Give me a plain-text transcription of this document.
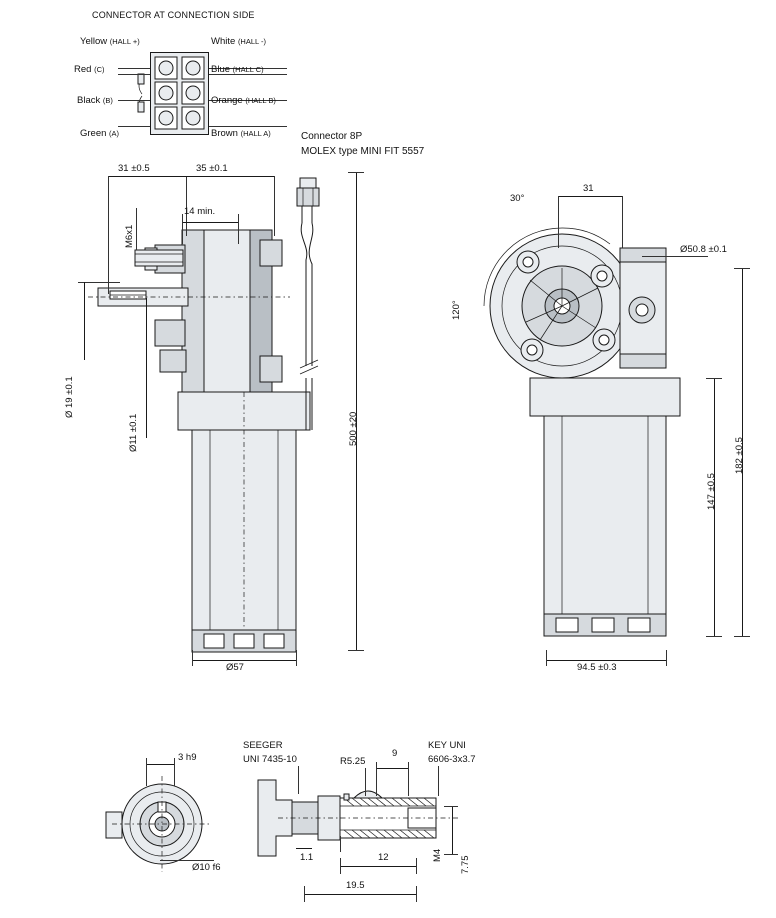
CONNECTOR AT CONNECTION SIDE
Yellow (HALL +)
Red (C)
Black (B)
Green (A)
White (HALL -)
Blue (HALL C)
Orange (HALL B)
Brown (HALL A)	Connector 8P
MOLEX type MINI FIT 5557
31 ±0.5	35 ±0.1
M6x1
14 min.
Ø 19 ±0.1
Ø11 ±0.1	500 ±20
Ø57
30°
120°
31
Ø50.8 ±0.1
182 ±0.5
147 ±0.5
94.5 ±0.3
3 h9
Ø10 f6
SEEGER
UNI 7435-10
KEY UNI
6606-3x3.7
R5.25
9
1.1	12
19.5
M4
7.75
